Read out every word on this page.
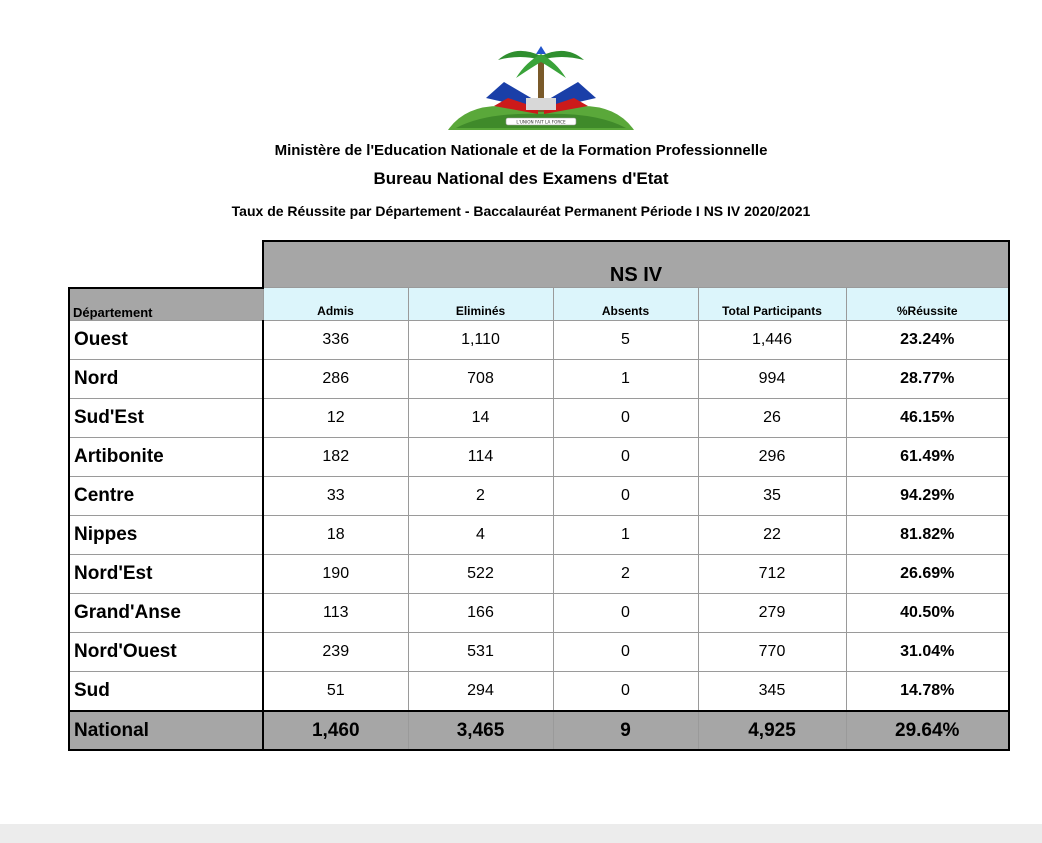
L'UNION FAIT LA FORCE
Ministère de l'Education Nationale et de la Formation Professionnelle
Bureau National des Examens d'Etat
Taux de Réussite par Département - Baccalauréat Permanent Période I NS IV 2020/2021
	NS IV				
Département	Admis	Eliminés	Absents	Total Participants	%Réussite
Ouest	336	1,110	5	1,446	23.24%
Nord	286	708	1	994	28.77%
Sud'Est	12	14	0	26	46.15%
Artibonite	182	114	0	296	61.49%
Centre	33	2	0	35	94.29%
Nippes	18	4	1	22	81.82%
Nord'Est	190	522	2	712	26.69%
Grand'Anse	113	166	0	279	40.50%
Nord'Ouest	239	531	0	770	31.04%
Sud	51	294	0	345	14.78%
National	1,460	3,465	9	4,925	29.64%
